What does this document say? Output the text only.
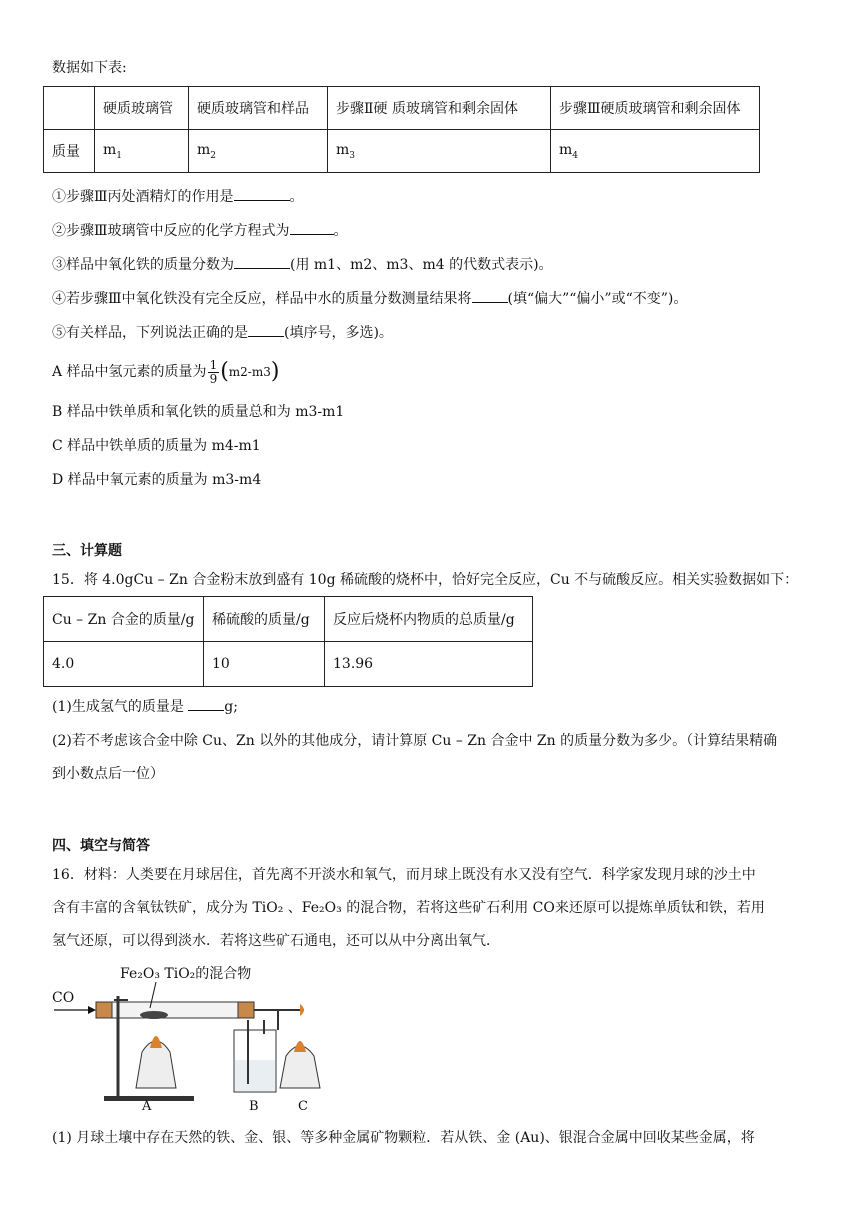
数据如下表:
	硬质玻璃管	硬质玻璃管和样品	步骤Ⅱ硬 质玻璃管和剩余固体	步骤Ⅲ硬质玻璃管和剩余固体
质量	$m_1$	$m_2$	$m_3$	$m_4$
①步骤Ⅲ丙处酒精灯的作用是	。
②步骤Ⅲ玻璃管中反应的化学方程式为	。
③样品中氧化铁的质量分数为	(用 m1、m2、m3、m4 的代数式表示)。
④若步骤Ⅲ中氧化铁没有完全反应，样品中水的质量分数测量结果将	(填“偏大”“偏小”或“不变”)。
⑤有关样品，下列说法正确的是	(填序号，多选)。
A 样品中氢元素的质量为 $\frac{1}{9} (m2-m3)$
B 样品中铁单质和氧化铁的质量总和为 m3-m1
C 样品中铁单质的质量为 m4-m1
D 样品中氧元素的质量为 m3-m4
三、计算题
15．将 4.0gCu – Zn 合金粉末放到盛有 10g 稀硫酸的烧杯中，恰好完全反应，Cu 不与硫酸反应。相关实验数据如下：
Cu – Zn 合金的质量/g	稀硫酸的质量/g	反应后烧杯内物质的总质量/g
4.0	10	13.96
(1)生成氢气的质量是	g;
(2)若不考虑该合金中除 Cu、Zn 以外的其他成分，请计算原 Cu – Zn 合金中 Zn 的质量分数为多少。（计算结果精确
到小数点后一位）
四、填空与简答
16．材料：人类要在月球居住，首先离不开淡水和氧气，而月球上既没有水又没有空气．科学家发现月球的沙土中
含有丰富的含氧钛铁矿，成分为 TiO₂ 、Fe₂O₃ 的混合物，若将这些矿石利用 CO来还原可以提炼单质钛和铁，若用
氢气还原，可以得到淡水．若将这些矿石通电，还可以从中分离出氧气．
Fe₂O₃ TiO₂的混合物
CO
A	B	C
(1) 月球土壤中存在天然的铁、金、银、等多种金属矿物颗粒．若从铁、金 (Au)、银混合金属中回收某些金属，将
